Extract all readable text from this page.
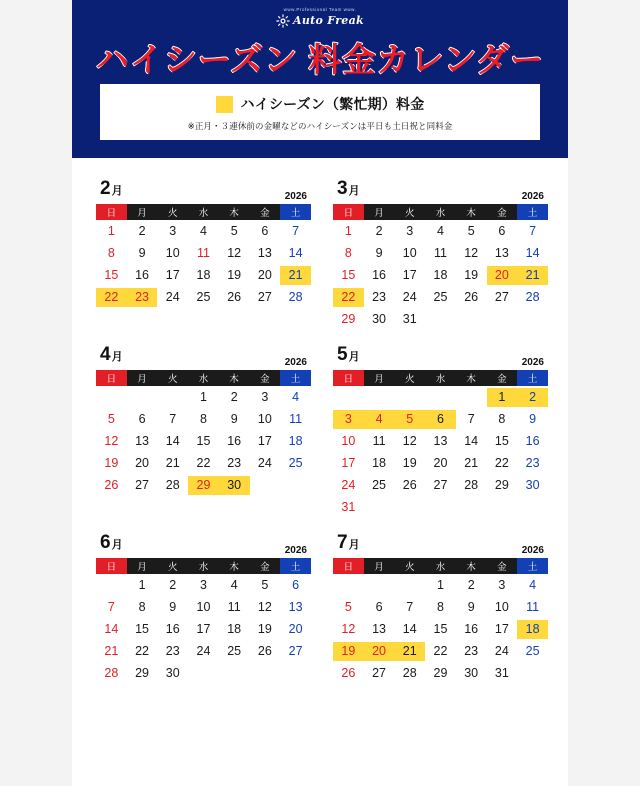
www.Professional Team www.
Auto Freak
ハイシーズン 料金カレンダー
ハイシーズン（繁忙期）料金
※正月・３連休前の金曜などのハイシーズンは平日も土日祝と同料金
2月	2026
日	月	火	水	木	金	土

1	2	3	4	5	6	7

8	9	10	11	12	13	14

15	16	17	18	19	20	21

22	23	24	25	26	27	28

3月	2026
日	月	火	水	木	金	土

1	2	3	4	5	6	7

8	9	10	11	12	13	14

15	16	17	18	19	20	21

22	23	24	25	26	27	28

29	30	31				

4月	2026
日	月	火	水	木	金	土

			1	2	3	4

5	6	7	8	9	10	11

12	13	14	15	16	17	18

19	20	21	22	23	24	25

26	27	28	29	30		

5月	2026
日	月	火	水	木	金	土

					1	2

3	4	5	6	7	8	9

10	11	12	13	14	15	16

17	18	19	20	21	22	23

24	25	26	27	28	29	30

31						

6月	2026
日	月	火	水	木	金	土

	1	2	3	4	5	6

7	8	9	10	11	12	13

14	15	16	17	18	19	20

21	22	23	24	25	26	27

28	29	30				

7月	2026
日	月	火	水	木	金	土

			1	2	3	4

5	6	7	8	9	10	11

12	13	14	15	16	17	18

19	20	21	22	23	24	25

26	27	28	29	30	31	
